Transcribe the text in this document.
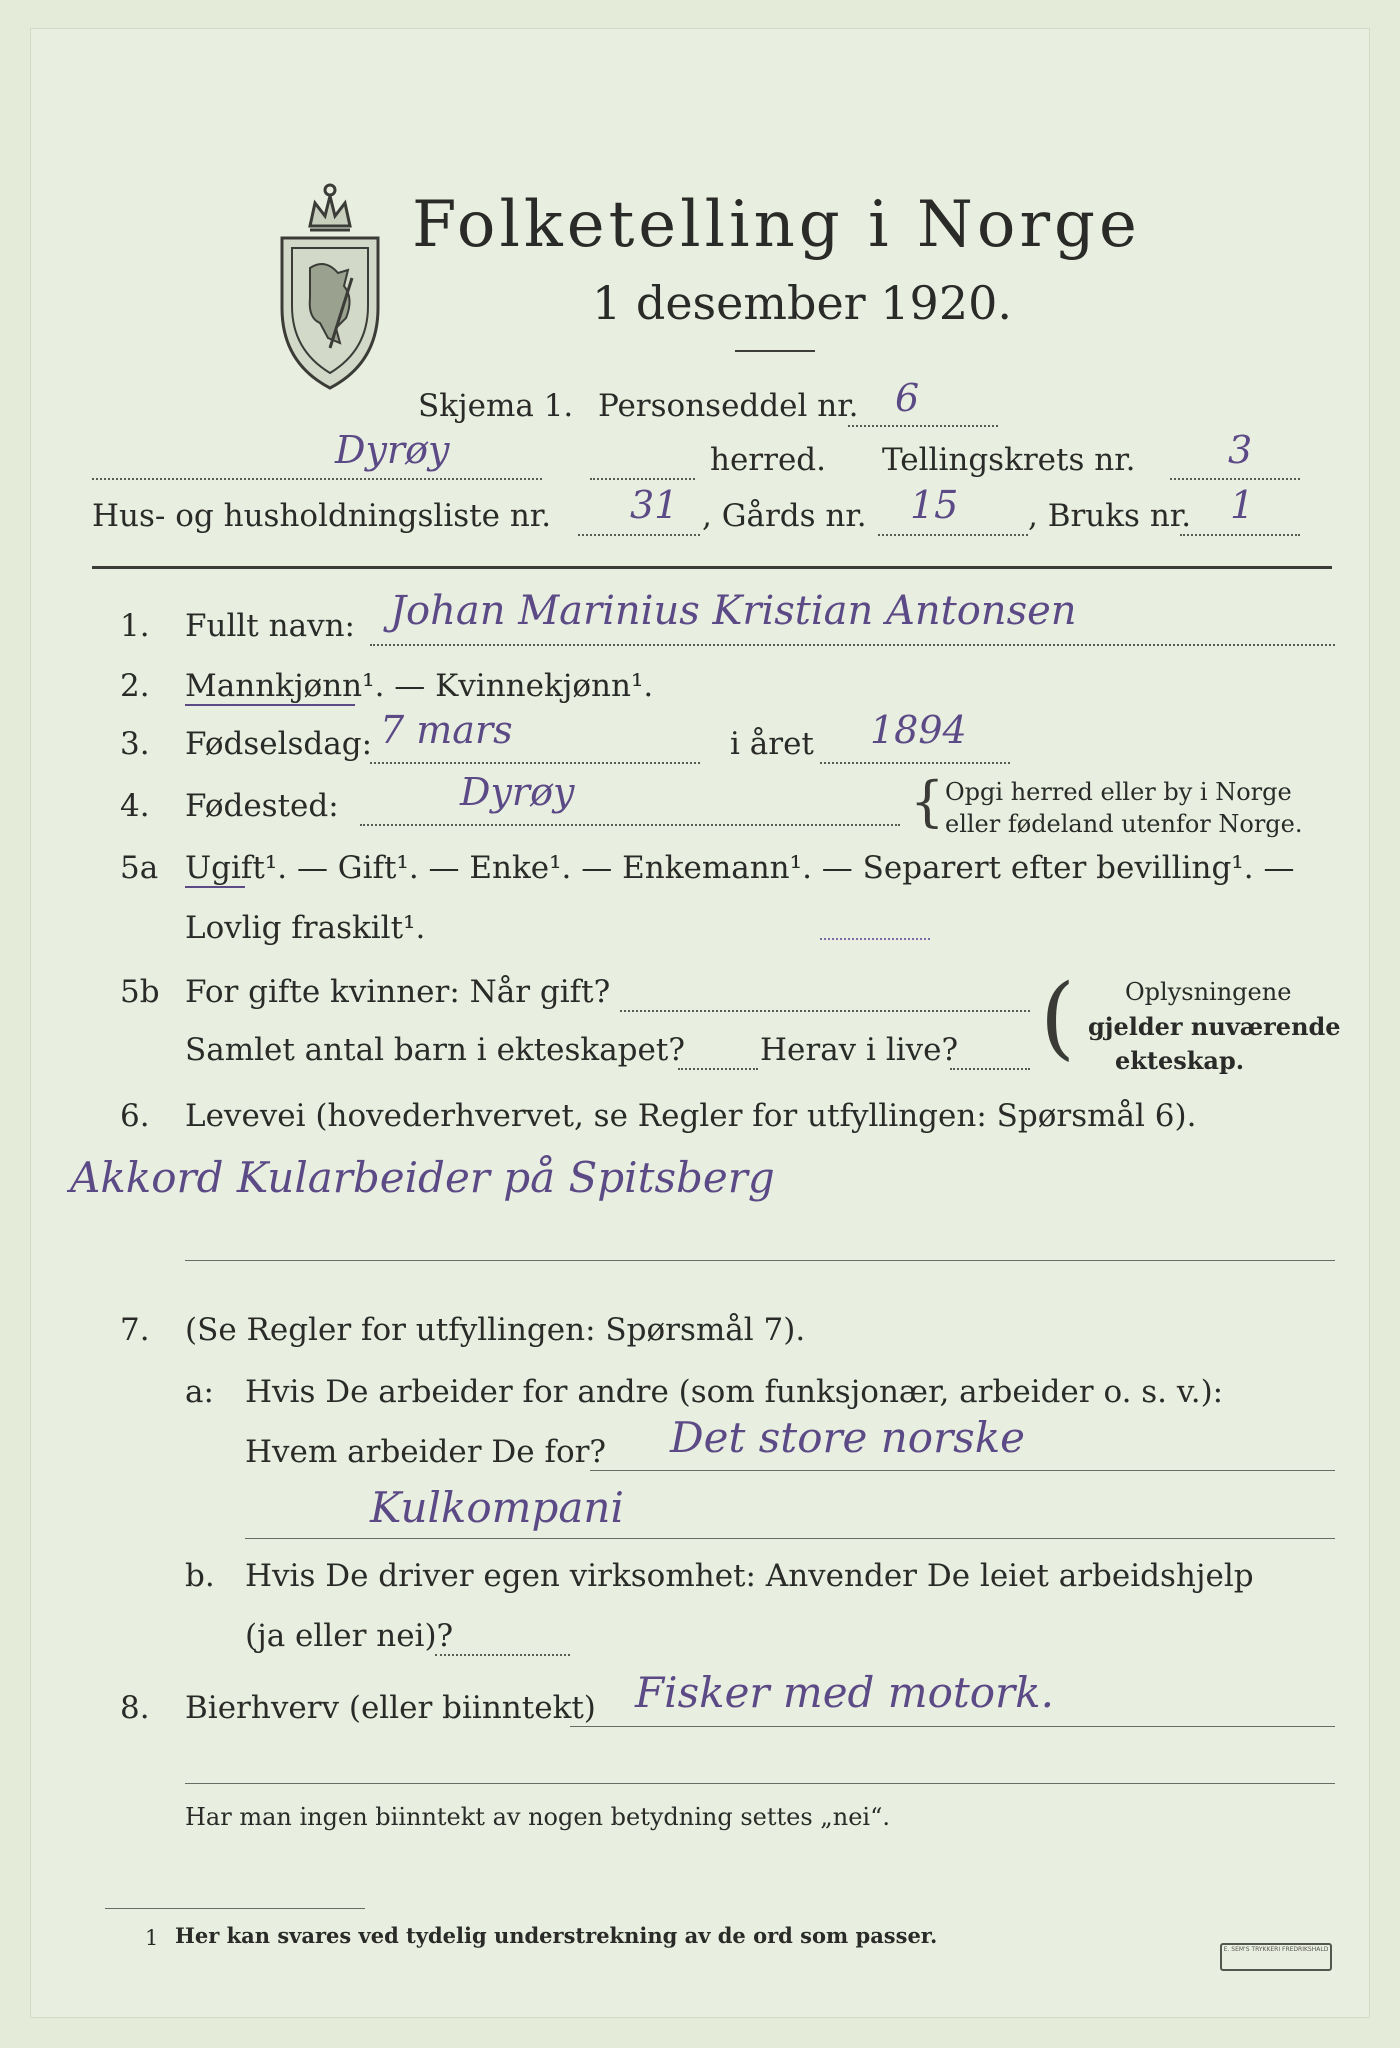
Folketelling i Norge
1 desember 1920.
Skjema 1. Personseddel nr. 6
Dyrøy	herred. Tellingskrets nr. 3
Hus- og husholdningsliste nr. 31 , Gårds nr. 15 , Bruks nr. 1
1. Fullt navn: Johan Marinius Kristian Antonsen
2. Mannkjønn¹. — Kvinnekjønn¹.
3. Fødselsdag: 7 mars	i året 1894
4. Fødested:	Dyrøy	{ Opgi herred eller by i Norge
eller fødeland utenfor Norge.
5a Ugift¹. — Gift¹. — Enke¹. — Enkemann¹. — Separert efter bevilling¹. —
Lovlig fraskilt¹.
5b For gifte kvinner: Når gift?
Samlet antal barn i ekteskapet? Herav i live? ( Oplysningene
gjelder nuværende
ekteskap.
6. Levevei (hovederhvervet, se Regler for utfyllingen: Spørsmål 6).
Akkord Kularbeider på Spitsberg
7. (Se Regler for utfyllingen: Spørsmål 7).
a: Hvis De arbeider for andre (som funksjonær, arbeider o. s. v.):
Hvem arbeider De for? Det store norske
Kulkompani
b. Hvis De driver egen virksomhet: Anvender De leiet arbeidshjelp
(ja eller nei)?
8. Bierhverv (eller biinntekt) Fisker med motork.
Har man ingen biinntekt av nogen betydning settes „nei“.
1 Her kan svares ved tydelig understrekning av de ord som passer.
E. SEM'S TRYKKERI FREDRIKSHALD
